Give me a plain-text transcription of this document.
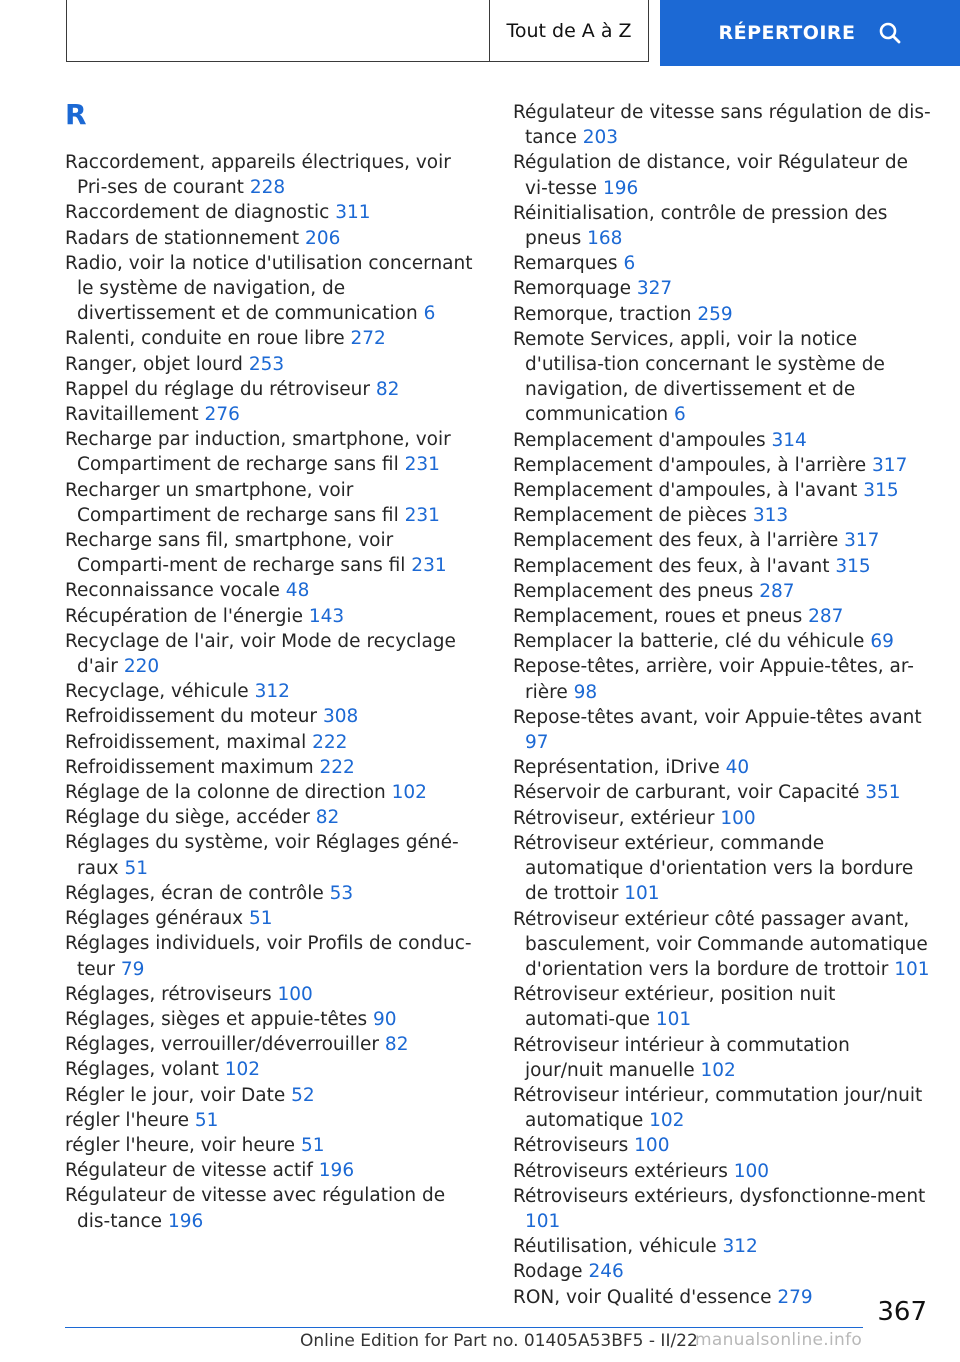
Tout de A à Z	RÉPERTOIRE
R
Raccordement, appareils électriques, voir Pri-ses de courant 228
Raccordement de diagnostic 311
Radars de stationnement 206
Radio, voir la notice d'utilisation concernant le système de navigation, de divertissement et de communication 6
Ralenti, conduite en roue libre 272
Ranger, objet lourd 253
Rappel du réglage du rétroviseur 82
Ravitaillement 276
Recharge par induction, smartphone, voir Compartiment de recharge sans fil 231
Recharger un smartphone, voir Compartiment de recharge sans fil 231
Recharge sans fil, smartphone, voir Comparti-ment de recharge sans fil 231
Reconnaissance vocale 48
Récupération de l'énergie 143
Recyclage de l'air, voir Mode de recyclage d'air 220
Recyclage, véhicule 312
Refroidissement du moteur 308
Refroidissement, maximal 222
Refroidissement maximum 222
Réglage de la colonne de direction 102
Réglage du siège, accéder 82
Réglages du système, voir Réglages géné-raux 51
Réglages, écran de contrôle 53
Réglages généraux 51
Réglages individuels, voir Profils de conduc-teur 79
Réglages, rétroviseurs 100
Réglages, sièges et appuie-têtes 90
Réglages, verrouiller/déverrouiller 82
Réglages, volant 102
Régler le jour, voir Date 52
régler l'heure 51
régler l'heure, voir heure 51
Régulateur de vitesse actif 196
Régulateur de vitesse avec régulation de dis-tance 196
Régulateur de vitesse sans régulation de dis-tance 203
Régulation de distance, voir Régulateur de vi-tesse 196
Réinitialisation, contrôle de pression des pneus 168
Remarques 6
Remorquage 327
Remorque, traction 259
Remote Services, appli, voir la notice d'utilisa-tion concernant le système de navigation, de divertissement et de communication 6
Remplacement d'ampoules 314
Remplacement d'ampoules, à l'arrière 317
Remplacement d'ampoules, à l'avant 315
Remplacement de pièces 313
Remplacement des feux, à l'arrière 317
Remplacement des feux, à l'avant 315
Remplacement des pneus 287
Remplacement, roues et pneus 287
Remplacer la batterie, clé du véhicule 69
Repose-têtes, arrière, voir Appuie-têtes, ar-rière 98
Repose-têtes avant, voir Appuie-têtes avant 97
Représentation, iDrive 40
Réservoir de carburant, voir Capacité 351
Rétroviseur, extérieur 100
Rétroviseur extérieur, commande automatique d'orientation vers la bordure de trottoir 101
Rétroviseur extérieur côté passager avant, basculement, voir Commande automatique d'orientation vers la bordure de trottoir 101
Rétroviseur extérieur, position nuit automati-que 101
Rétroviseur intérieur à commutation jour/nuit manuelle 102
Rétroviseur intérieur, commutation jour/nuit automatique 102
Rétroviseurs 100
Rétroviseurs extérieurs 100
Rétroviseurs extérieurs, dysfonctionne-ment 101
Réutilisation, véhicule 312
Rodage 246
RON, voir Qualité d'essence 279	367
Online Edition for Part no. 01405A53BF5 - II/22
manualsonline.info
